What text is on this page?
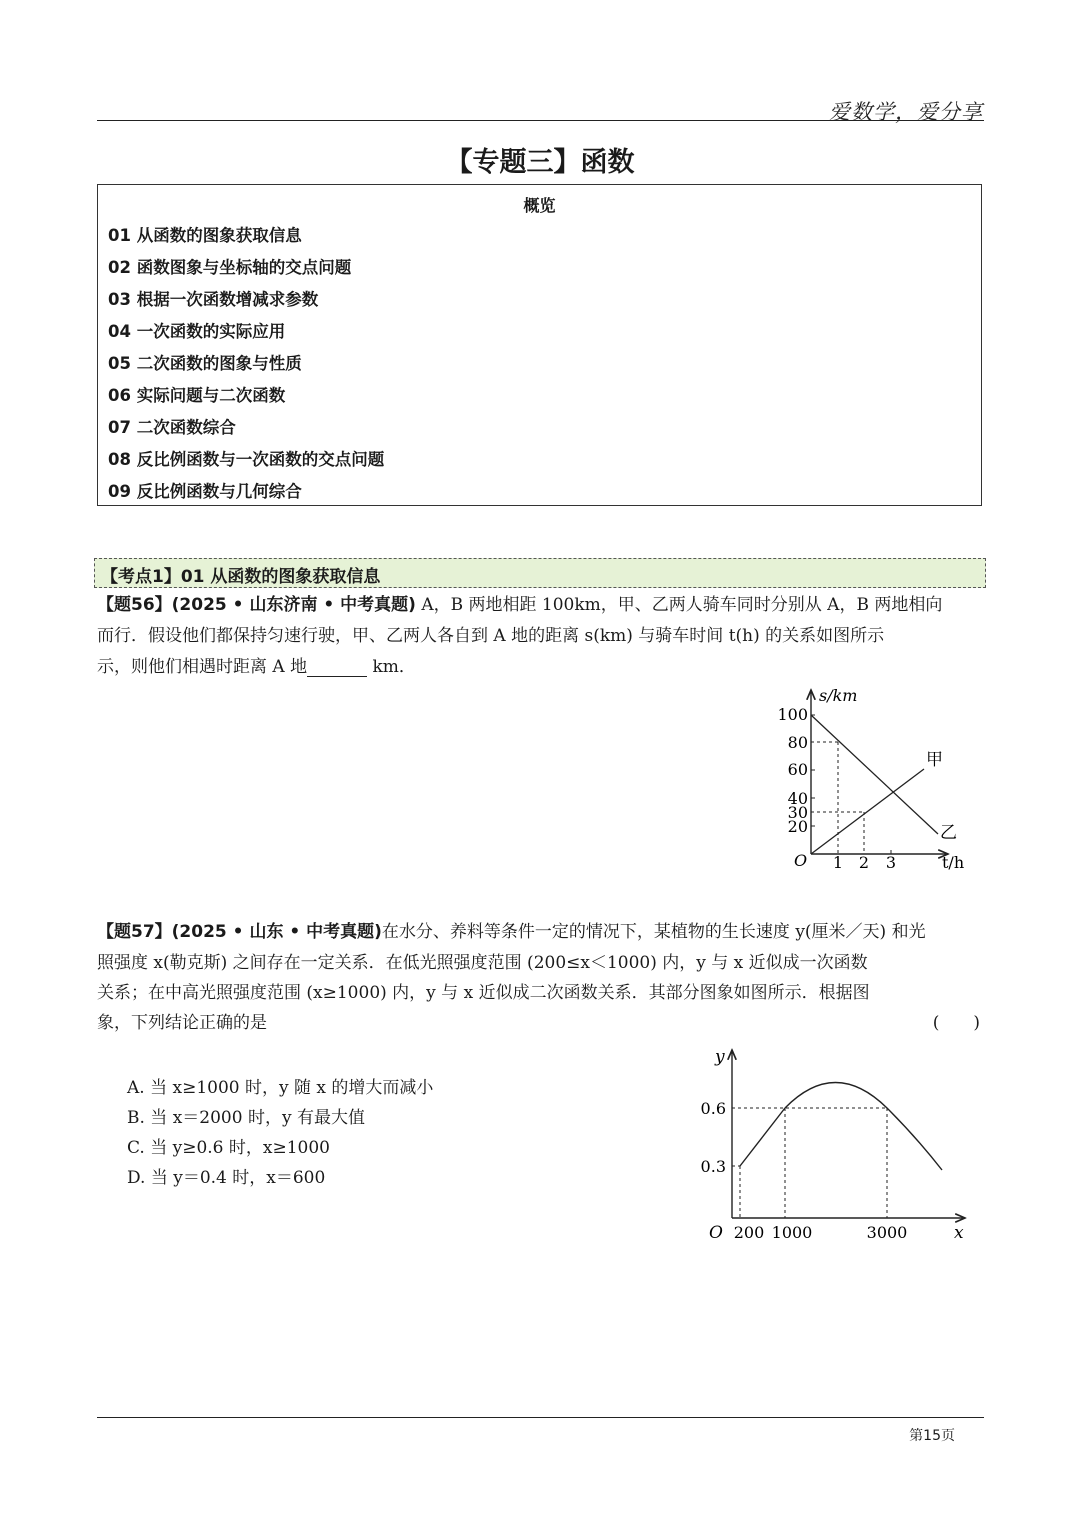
爱数学，爱分享
【专题三】函数
概览
01 从函数的图象获取信息
02 函数图象与坐标轴的交点问题
03 根据一次函数增减求参数
04 一次函数的实际应用
05 二次函数的图象与性质
06 实际问题与二次函数
07 二次函数综合
08 反比例函数与一次函数的交点问题
09 反比例函数与几何综合
【考点1】01 从函数的图象获取信息
【题56】(2025 • 山东济南 • 中考真题) A，B 两地相距 100km，甲、乙两人骑车同时分别从 A，B 两地相向
而行．假设他们都保持匀速行驶，甲、乙两人各自到 A 地的距离 s(km) 与骑车时间 t(h) 的关系如图所示
示，则他们相遇时距离 A 地	km．
s/km
t/h
O
100
80
60
40
30
20
1 2 3
甲
乙
【题57】(2025 • 山东 • 中考真题)在水分、养料等条件一定的情况下，某植物的生长速度 y(厘米／天) 和光
照强度 x(勒克斯) 之间存在一定关系．在低光照强度范围 (200≤x＜1000) 内，y 与 x 近似成一次函数
关系；在中高光照强度范围 (x≥1000) 内，y 与 x 近似成二次函数关系．其部分图象如图所示．根据图
象，下列结论正确的是	(　　)
A. 当 x≥1000 时，y 随 x 的增大而减小
B. 当 x＝2000 时，y 有最大值
C. 当 y≥0.6 时，x≥1000
D. 当 y＝0.4 时，x＝600
y
x
O
0.6
0.3
200 1000	3000
第15页
